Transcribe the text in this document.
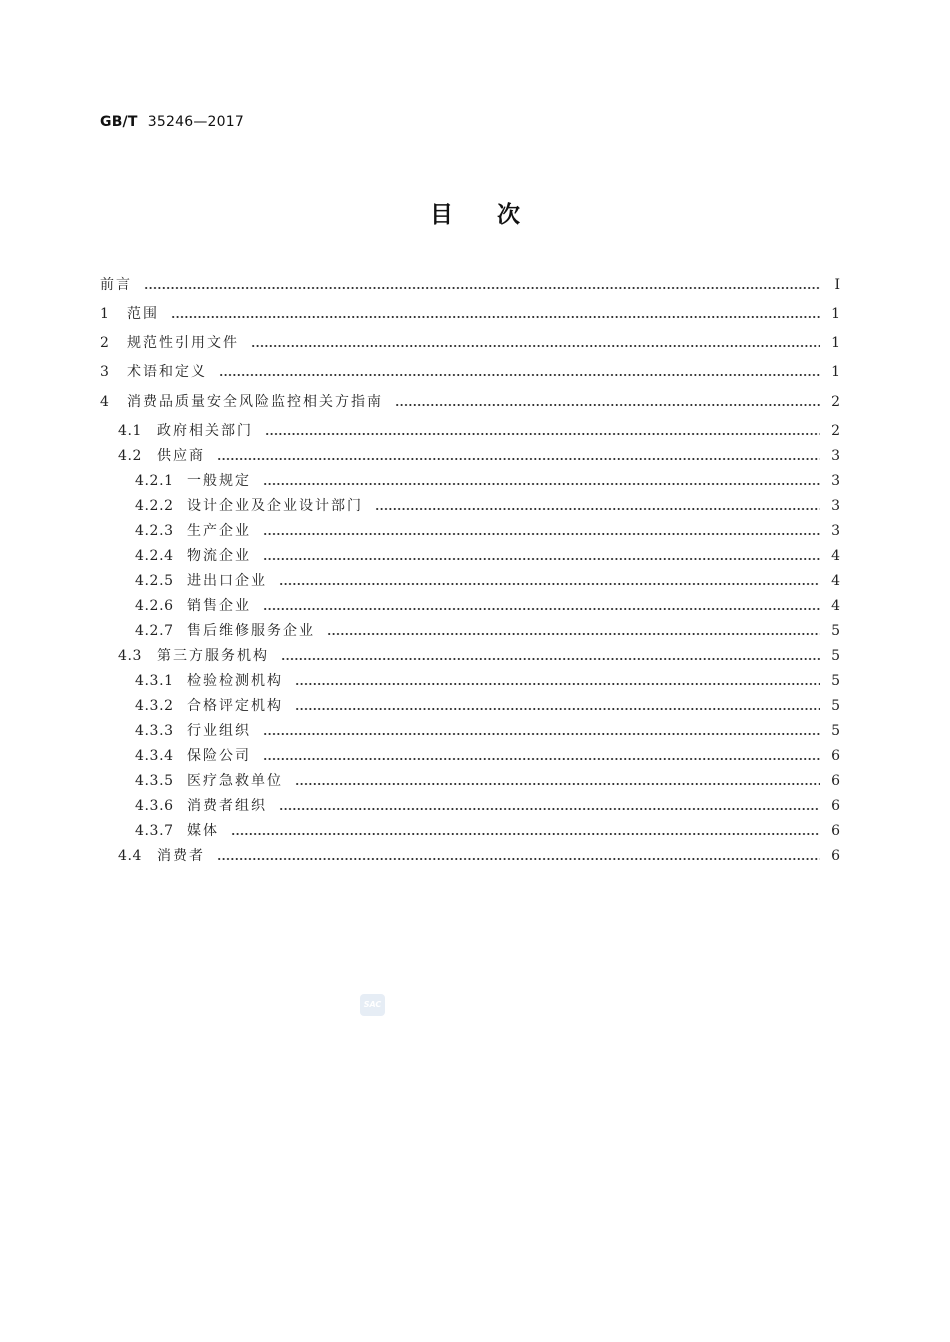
GB/T 35246—2017
目次
前言	Ⅰ
1	范围	1
2	规范性引用文件	1
3	术语和定义	1
4	消费品质量安全风险监控相关方指南	2
4.1	政府相关部门	2
4.2	供应商	3
4.2.1 一般规定	3
4.2.2 设计企业及企业设计部门	3
4.2.3 生产企业	3
4.2.4 物流企业	4
4.2.5 进出口企业	4
4.2.6 销售企业	4
4.2.7 售后维修服务企业	5
4.3	第三方服务机构	5
4.3.1 检验检测机构	5
4.3.2 合格评定机构	5
4.3.3 行业组织	5
4.3.4 保险公司	6
4.3.5 医疗急救单位	6
4.3.6 消费者组织	6
4.3.7 媒体	6
4.4	消费者	6
SAC
